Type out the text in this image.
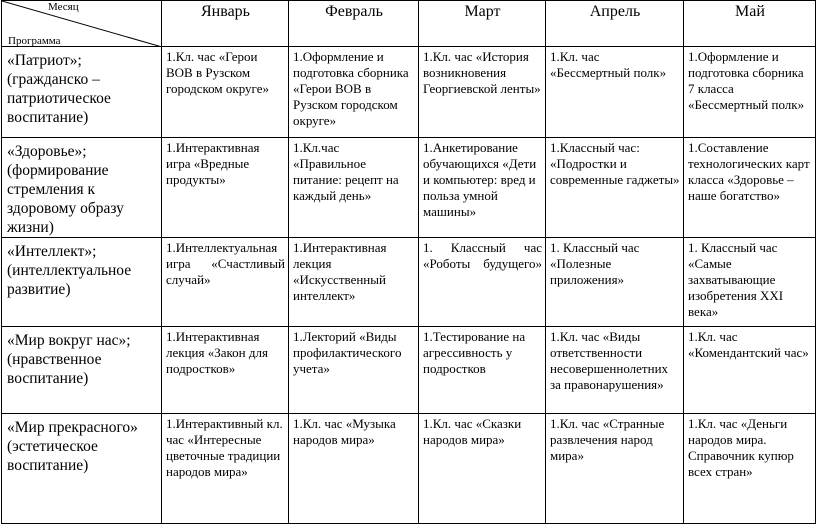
Месяц
Программа	Январь	Февраль	Март	Апрель	Май
«Патриот»; (гражданско – патриотическое воспитание)	1.Кл. час «Герои ВОВ в Рузском городском округе»	1.Оформление и подготовка сборника «Герои ВОВ в Рузском городском округе»	1.Кл. час «История возникновения Георгиевской ленты»	1.Кл. час «Бессмертный полк»	1.Оформление и подготовка сборника 7 класса «Бессмертный полк»
«Здоровье»; (формирование стремления к здоровому образу жизни)	1.Интерактивная игра «Вредные продукты»	1.Кл.час «Правильное питание: рецепт на каждый день»	1.Анкетирование обучающихся «Дети и компьютер: вред и польза умной машины»	1.Классный час: «Подростки и современные гаджеты»	1.Составление технологических карт класса «Здоровье – наше богатство»
«Интеллект»; (интеллектуальное развитие)	1.Интеллектуальная игра «Счастливый случай»	1.Интерактивная лекция «Искусственный интеллект»	1. Классный час «Роботы будущего»	1. Классный час «Полезные приложения»	1. Классный час «Самые захватывающие изобретения XXI века»
«Мир вокруг нас»; (нравственное воспитание)	1.Интерактивная лекция «Закон для подростков»	1.Лекторий «Виды профилактического учета»	1.Тестирование на агрессивность у подростков	1.Кл. час «Виды ответственности несовершеннолетних за правонарушения»	1.Кл. час «Комендантский час»
«Мир прекрасного» (эстетическое воспитание)	1.Интерактивный кл. час «Интересные цветочные традиции народов мира»	1.Кл. час «Музыка народов мира»	1.Кл. час «Сказки народов мира»	1.Кл. час «Странные развлечения народ мира»	1.Кл. час «Деньги народов мира. Справочник купюр всех стран»
